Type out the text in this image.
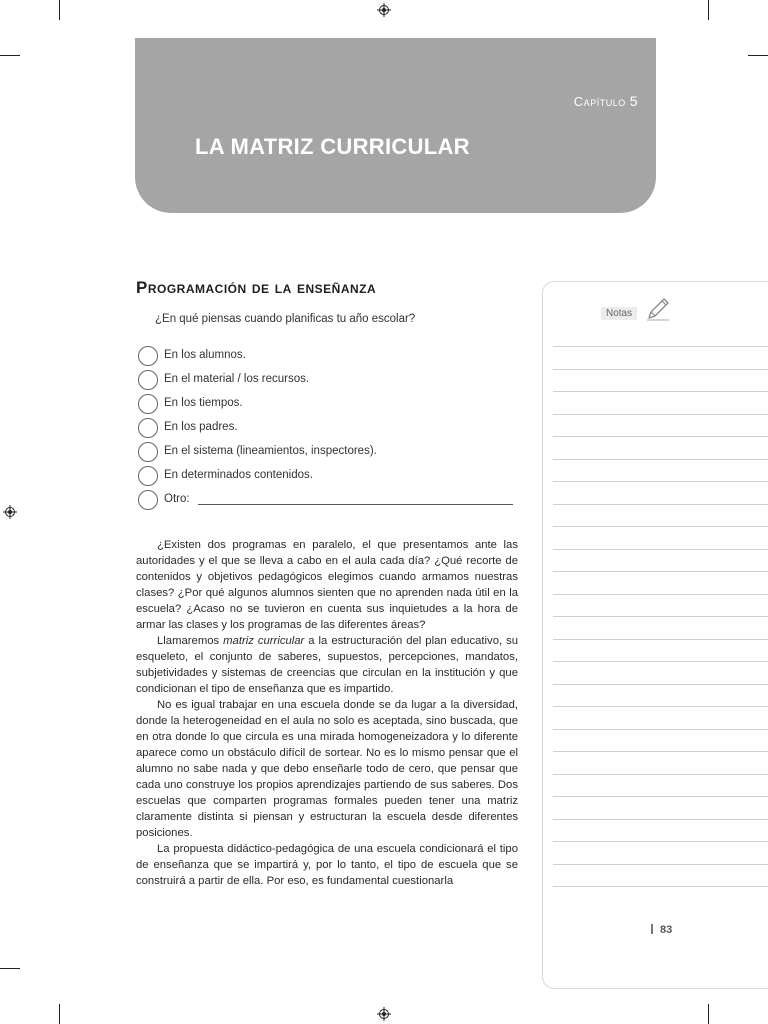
Capítulo 5
LA MATRIZ CURRICULAR
Programación de la enseñanza
¿En qué piensas cuando planificas tu año escolar?
En los alumnos.
En el material / los recursos.
En los tiempos.
En los padres.
En el sistema (lineamientos, inspectores).
En determinados contenidos.
Otro:

¿Existen dos programas en paralelo, el que presentamos ante las autoridades y el que se lleva a cabo en el aula cada día? ¿Qué recorte de contenidos y objetivos pedagógicos elegimos cuando armamos nuestras clases? ¿Por qué algunos alumnos sienten que no aprenden nada útil en la escuela? ¿Acaso no se tuvieron en cuenta sus inquietudes a la hora de armar las clases y los programas de las diferentes áreas?

Llamaremos matriz curricular a la estructuración del plan educativo, su esqueleto, el conjunto de saberes, supuestos, percepciones, mandatos, subjetividades y sistemas de creencias que circulan en la institución y que condicionan el tipo de enseñanza que es impartido.

No es igual trabajar en una escuela donde se da lugar a la diversidad, donde la heterogeneidad en el aula no solo es aceptada, sino buscada, que en otra donde lo que circula es una mirada homogeneizadora y lo diferente aparece como un obstáculo difícil de sortear. No es lo mismo pensar que el alumno no sabe nada y que debo enseñarle todo de cero, que pensar que cada uno construye los propios aprendizajes partiendo de sus saberes. Dos escuelas que comparten programas formales pueden tener una matriz claramente distinta si piensan y estructuran la escuela desde diferentes posiciones.

La propuesta didáctico-pedagógica de una escuela condicionará el tipo de enseñanza que se impartirá y, por lo tanto, el tipo de escuela que se construirá a partir de ella. Por eso, es fundamental cuestionarla

Notas
83
